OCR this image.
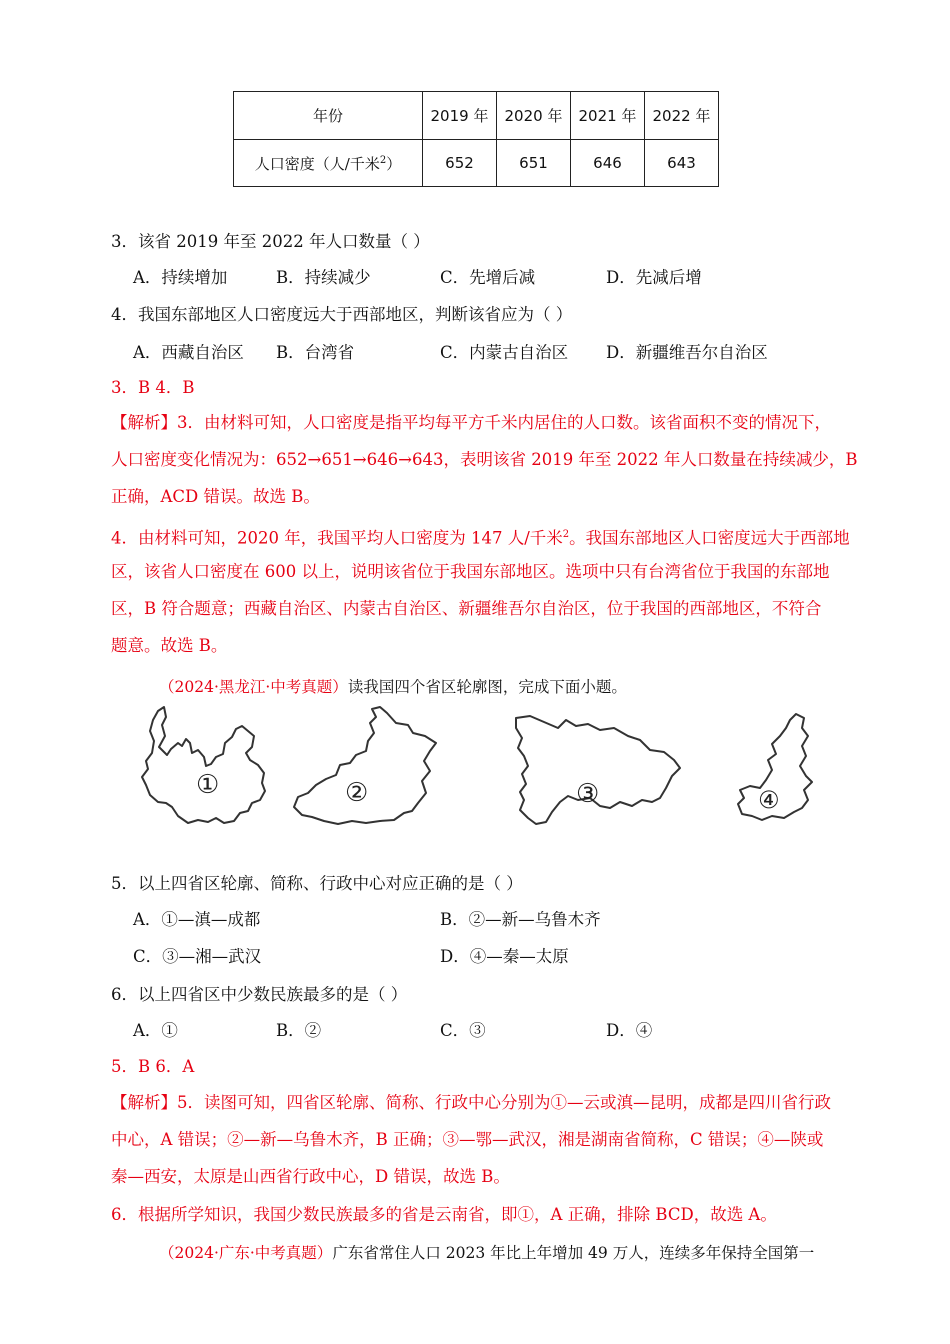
年份	2019 年	2020 年	2021 年	2022 年
人口密度（人/千米$^2$）	652	651	646	643
3．该省 2019 年至 2022 年人口数量（ ）
A．持续增加	B．持续减少	C．先增后减	D．先减后增
4．我国东部地区人口密度远大于西部地区，判断该省应为（ ）
A．西藏自治区 B．台湾省	C．内蒙古自治区 D．新疆维吾尔自治区
3．B 4．B
【解析】3．由材料可知，人口密度是指平均每平方千米内居住的人口数。该省面积不变的情况下，
人口密度变化情况为：652→651→646→643，表明该省 2019 年至 2022 年人口数量在持续减少，B
正确，ACD 错误。故选 B。
4．由材料可知，2020 年，我国平均人口密度为 147 人/千米$^2$。我国东部地区人口密度远大于西部地
区，该省人口密度在 600 以上，说明该省位于我国东部地区。选项中只有台湾省位于我国的东部地
区，B 符合题意；西藏自治区、内蒙古自治区、新疆维吾尔自治区，位于我国的西部地区，不符合
题意。故选 B。
（2024·黑龙江·中考真题）读我国四个省区轮廓图，完成下面小题。
①	②	③	④
5．以上四省区轮廓、简称、行政中心对应正确的是（ ）
A．①—滇—成都	B．②—新—乌鲁木齐
C．③—湘—武汉	D．④—秦—太原
6．以上四省区中少数民族最多的是（ ）
A．①	B．②	C．③	D．④
5．B 6．A
【解析】5．读图可知，四省区轮廓、简称、行政中心分别为①—云或滇—昆明，成都是四川省行政
中心，A 错误；②—新—乌鲁木齐，B 正确；③—鄂—武汉，湘是湖南省简称，C 错误；④—陕或
秦—西安，太原是山西省行政中心，D 错误，故选 B。
6．根据所学知识，我国少数民族最多的省是云南省，即①，A 正确，排除 BCD，故选 A。
（2024·广东·中考真题）广东省常住人口 2023 年比上年增加 49 万人，连续多年保持全国第一
